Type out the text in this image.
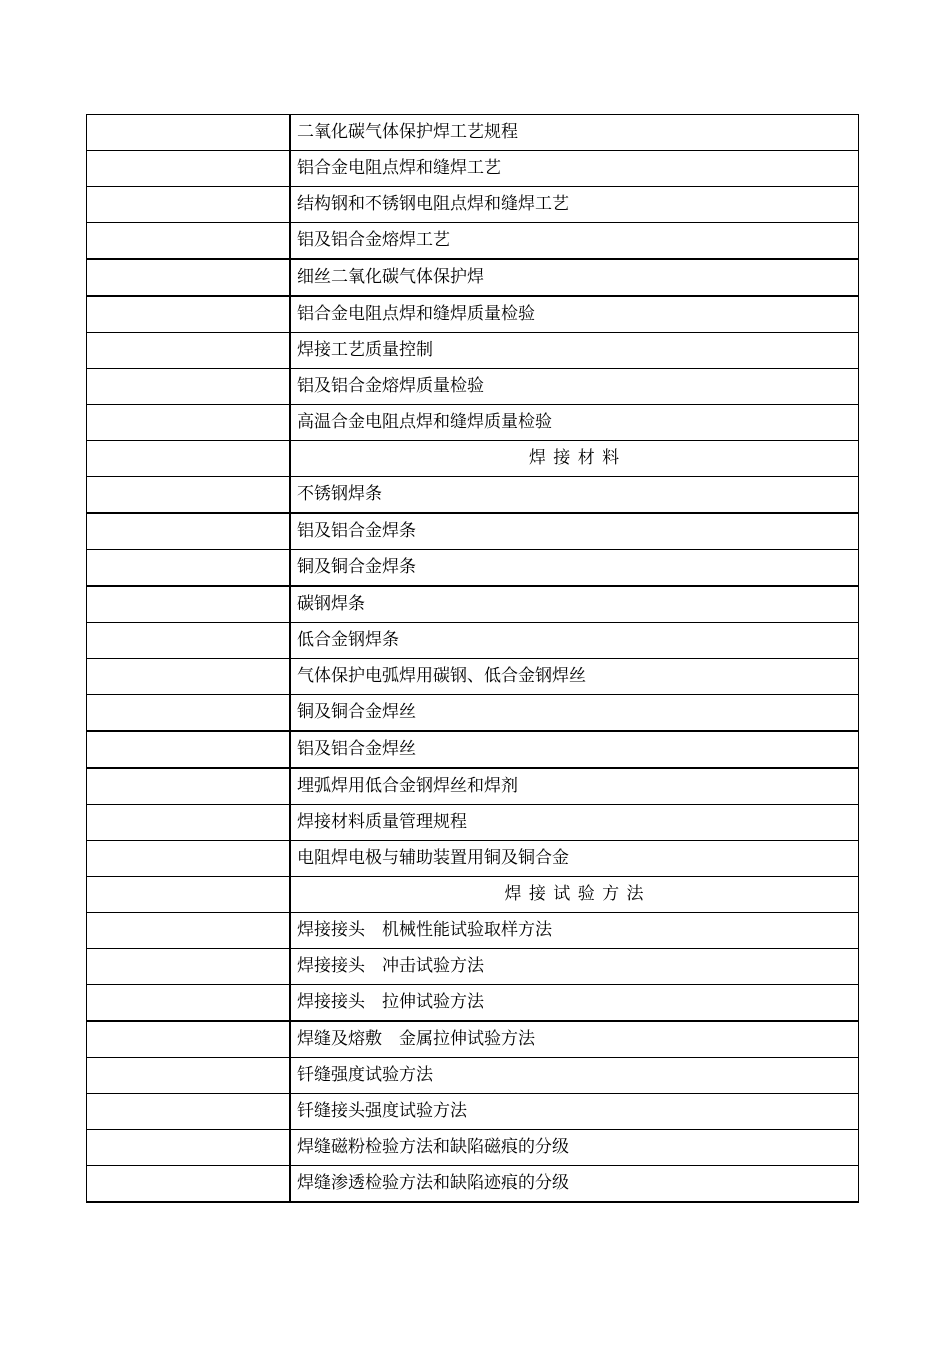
	二氧化碳气体保护焊工艺规程
	铝合金电阻点焊和缝焊工艺
	结构钢和不锈钢电阻点焊和缝焊工艺
	铝及铝合金熔焊工艺
	细丝二氧化碳气体保护焊
	铝合金电阻点焊和缝焊质量检验
	焊接工艺质量控制
	铝及铝合金熔焊质量检验
	高温合金电阻点焊和缝焊质量检验
	焊 接 材 料
	不锈钢焊条
	铝及铝合金焊条
	铜及铜合金焊条
	碳钢焊条
	低合金钢焊条
	气体保护电弧焊用碳钢、低合金钢焊丝
	铜及铜合金焊丝
	铝及铝合金焊丝
	埋弧焊用低合金钢焊丝和焊剂
	焊接材料质量管理规程
	电阻焊电极与辅助装置用铜及铜合金
	焊 接 试 验 方 法
	焊接接头　机械性能试验取样方法
	焊接接头　冲击试验方法
	焊接接头　拉伸试验方法
	焊缝及熔敷　金属拉伸试验方法
	钎缝强度试验方法
	钎缝接头强度试验方法
	焊缝磁粉检验方法和缺陷磁痕的分级
	焊缝渗透检验方法和缺陷迹痕的分级
